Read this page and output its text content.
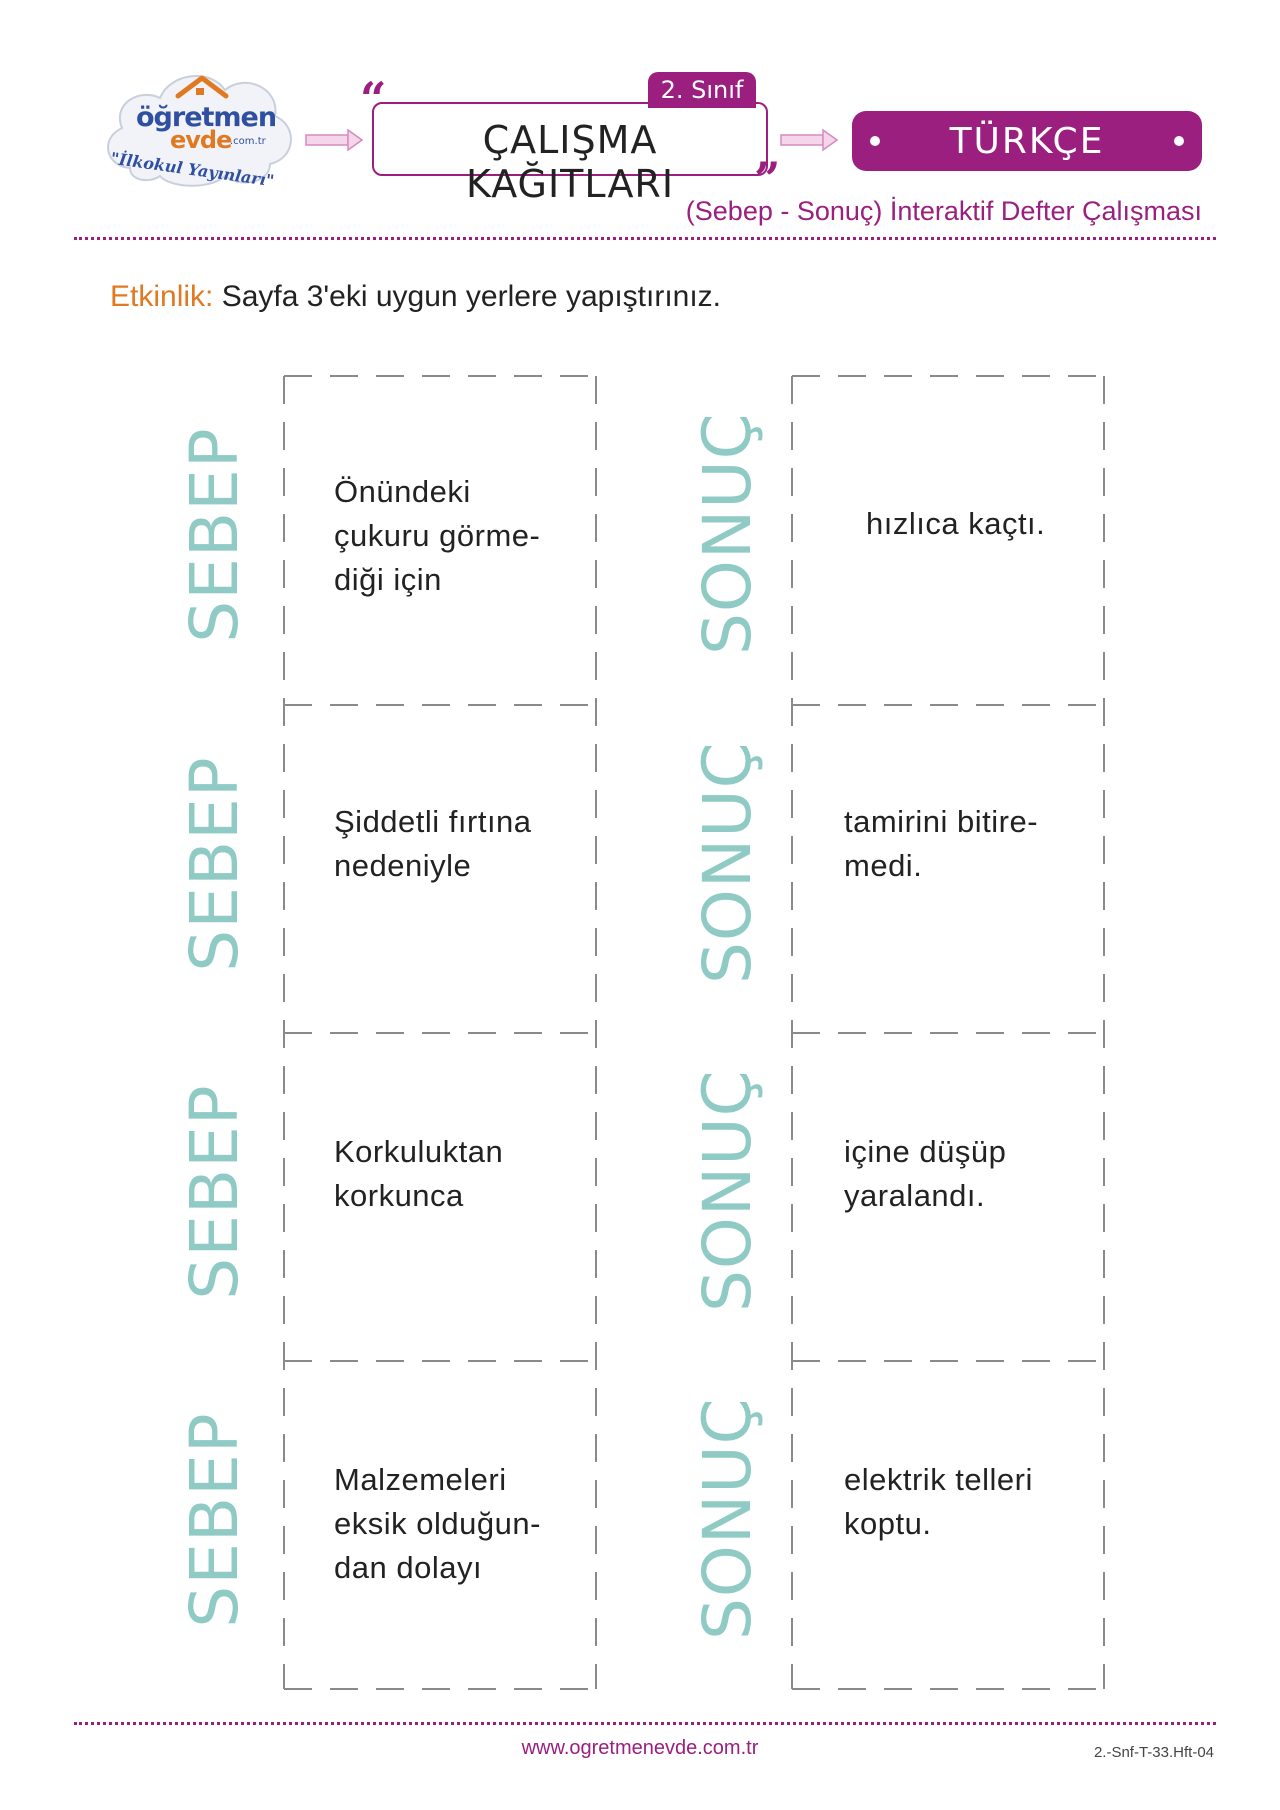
öğretmen
evde
.com.tr
"İlkokul Yayınları"
2. Sınıf
“
ÇALIŞMA KAĞITLARI	”
TÜRKÇE
(Sebep - Sonuç) İnteraktif Defter Çalışması
Etkinlik: Sayfa 3'eki uygun yerlere yapıştırınız.
SEBEP	Önündeki
çukuru görme-
diği için	SONUÇ	hızlıca kaçtı.
SEBEP	Şiddetli fırtına
nedeniyle	SONUÇ	tamirini bitire-
medi.
SEBEP	Korkuluktan
korkunca	SONUÇ	içine düşüp
yaralandı.
SEBEP	Malzemeleri
eksik olduğun-
dan dolayı	SONUÇ	elektrik telleri
koptu.
www.ogretmenevde.com.tr	2.-Snf-T-33.Hft-04
